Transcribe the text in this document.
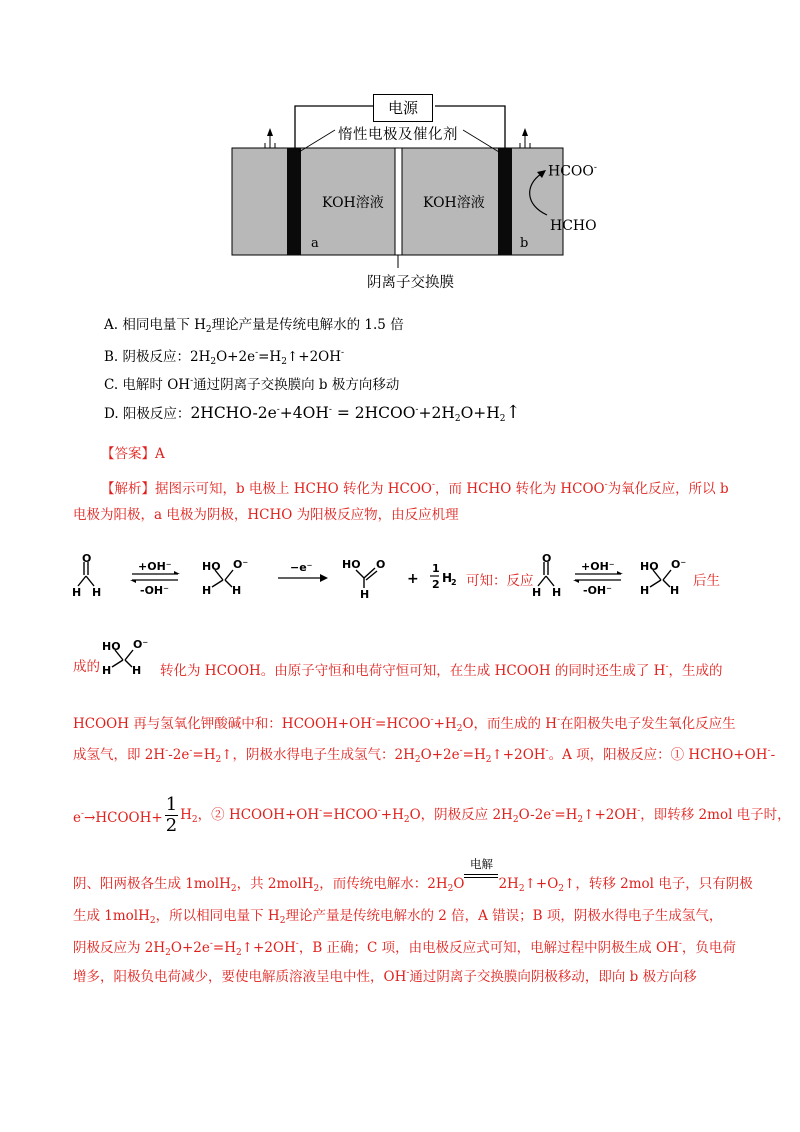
电源
惰性电极及催化剂
KOH溶液	KOH溶液
a	b
HCOO-
HCHO
阴离子交换膜
A. 相同电量下 $H_2$理论产量是传统电解水的 1.5 倍
B. 阴极反应：$2H_2O+2e^-=H_2↑+2OH^-$
C. 电解时 OH-通过阴离子交换膜向 b 极方向移动
D. 阳极反应：2HCHO-2e-+4OH- = $2HCOO^-+2H_2O+H_2↑$
【答案】A
【解析】据图示可知，b 电极上 HCHO 转化为 HCOO-，而 HCHO 转化为 HCOO-为氧化反应，所以 b
电极为阳极，a 电极为阴极，HCHO 为阳极反应物，由反应机理
O
H H
+OH⁻
-OH⁻
HO O⁻
H H
−e⁻	HO O
H
+
1
2 H
2 可知：反应
O
H H
+OH⁻
-OH⁻
HO O⁻
H H
后生
成的
HO O⁻
H H 转化为 HCOOH。由原子守恒和电荷守恒可知，在生成 HCOOH 的同时还生成了 H-，生成的
HCOOH 再与氢氧化钾酸碱中和：$HCOOH+OH^-=HCOO^-+H_2O$，而生成的 H-在阳极失电子发生氧化反应生
成氢气，即 $2H^--2e^-=H_2↑$，阴极水得电子生成氢气：$2H_2O+2e^-=H_2↑+2OH^-$。A 项，阳极反应：① HCHO+OH--
e-→HCOOH+ $\frac{1}{2} H_2$，② $HCOOH+OH^-=HCOO^-+H_2O$，阴极反应 $2H_2O-2e^-=H_2↑+2OH^-$，即转移 2mol 电子时，
阴、阳两极各生成 1molH$_2$，共 2molH$_2$，而传统电解水：$2H_2O$
电解
$2H_2↑+O_2↑$，转移 2mol 电子，只有阴极
生成 1molH$_2$，所以相同电量下 $H_2$理论产量是传统电解水的 2 倍，A 错误；B 项，阴极水得电子生成氢气，
阴极反应为 $2H_2O+2e^-=H_2↑+2OH^-$，B 正确；C 项，由电极反应式可知，电解过程中阴极生成 OH-，负电荷
增多，阳极负电荷减少，要使电解质溶液呈电中性，OH-通过阴离子交换膜向阴极移动，即向 b 极方向移
